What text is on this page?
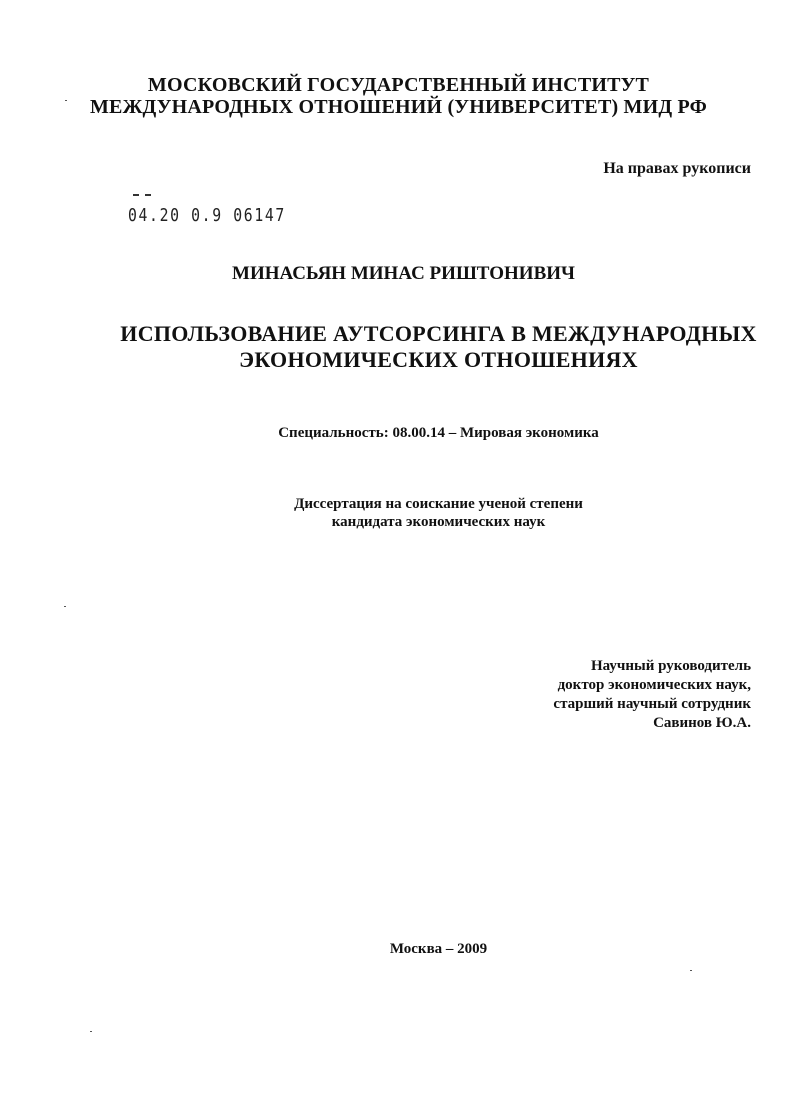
МОСКОВСКИЙ ГОСУДАРСТВЕННЫЙ ИНСТИТУТ

МЕЖДУНАРОДНЫХ ОТНОШЕНИЙ (УНИВЕРСИТЕТ) МИД РФ

На правах рукописи

04.20 0.9 06147

МИНАСЬЯН МИНАС РИШТОНИВИЧ

ИСПОЛЬЗОВАНИЕ АУТСОРСИНГА В МЕЖДУНАРОДНЫХ

ЭКОНОМИЧЕСКИХ ОТНОШЕНИЯХ

Специальность: 08.00.14 – Мировая экономика

Диссертация на соискание ученой степени

кандидата экономических наук

Научный руководитель
доктор экономических наук,
старший научный сотрудник
Савинов Ю.А.

Москва – 2009
